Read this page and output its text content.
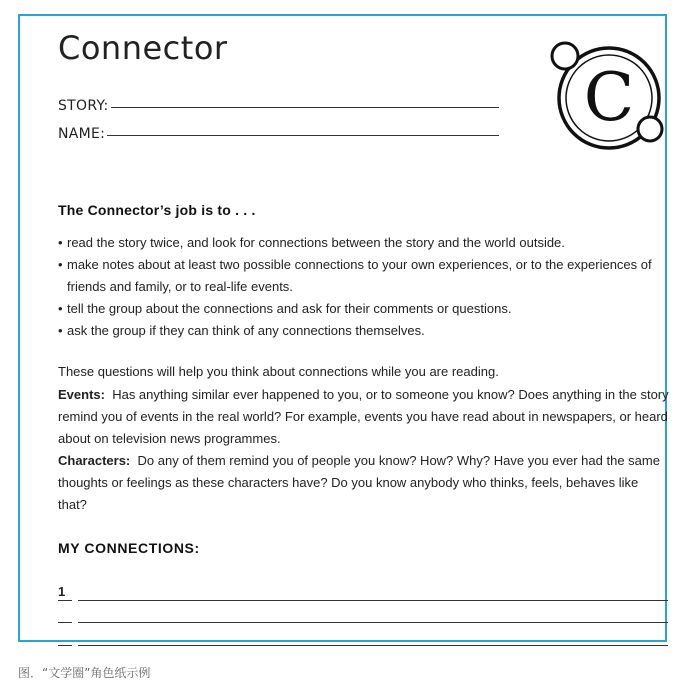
Connector
STORY:
NAME:	C
The Connector’s job is to . . .
• read the story twice, and look for connections between the story and the world outside.
• make notes about at least two possible connections to your own experiences, or to the experiences of friends and family, or to real-life events.
• tell the group about the connections and ask for their comments or questions.
• ask the group if they can think of any connections themselves.

These questions will help you think about connections while you are reading.

Events: Has anything similar ever happened to you, or to someone you know? Does anything in the story remind you of events in the real world? For example, events you have read about in newspapers, or heard about on television news programmes.

Characters: Do any of them remind you of people you know? How? Why? Have you ever had the same thoughts or feelings as these characters have? Do you know anybody who thinks, feels, behaves like that?

MY CONNECTIONS:
1
图．“文学圈”角色纸示例
